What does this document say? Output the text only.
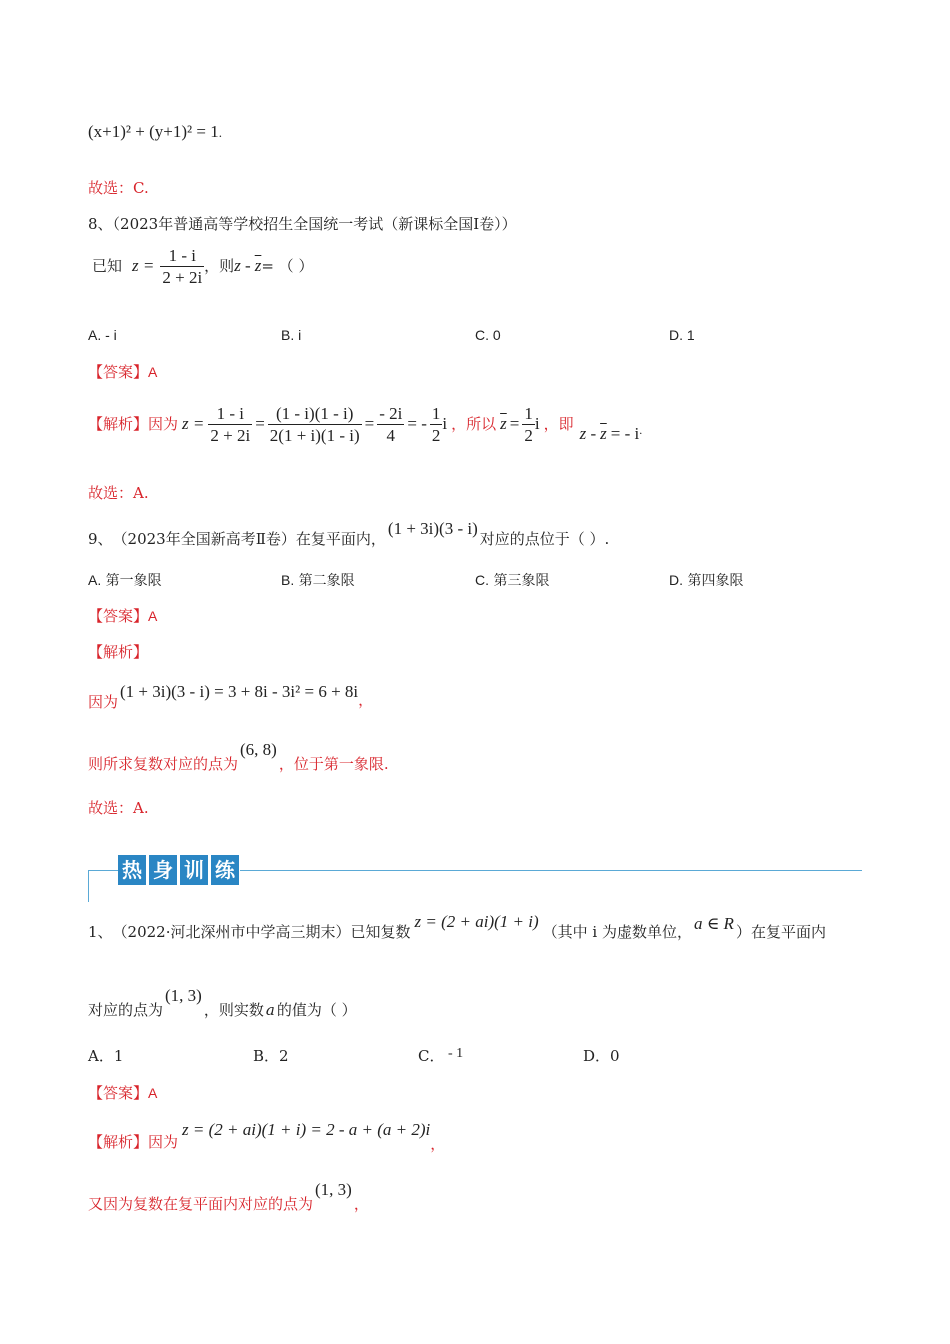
(x+1)² + (y+1)² = 1.
故选：C.
8、（2023年普通高等学校招生全国统一考试（新课标全国Ⅰ卷））
已知 $z = \frac{1 - i}{2 + 2i}$ ，则 z - $\overline{z}$ = （ ）
A. - i	B. i	C. 0	D. 1
【答案】A
【解析】 因为 $z = \frac{1 - i}{2 + 2i} = \frac{(1 - i)(1 - i)}{2(1 + i)(1 - i)} = \frac{- 2i}{4}$ = - $\frac{1}{2}$ i ，所以 $\overline{z} = \frac{1}{2}$ i ，即 z - $\overline{z}$ = - i .
故选：A.
9、 （2023年全国新高考Ⅱ卷）在复平面内，
(1 + 3i)(3 - i)
对应的点位于（ ）.
A. 第一象限	B. 第二象限	C. 第三象限	D. 第四象限
【答案】A
【解析】
因为
(1 + 3i)(3 - i) = 3 + 8i - 3i² = 6 + 8i ，
则所求复数对应的点为
(6, 8)
，位于第一象限.
故选：A.
热 身 训 练
1、 （2022·河北深州市中学高三期末）已知复数
z = (2 + ai)(1 + i)
（其中 i 为虚数单位， a ∈ R ）在复平面内
对应的点为
(1, 3)
，则实数 a 的值为（ ）
A．1	B．2	C． - 1	D．0
【答案】A
【解析】 因为
z = (2 + ai)(1 + i) = 2 - a + (a + 2)i
，
又因为复数在复平面内对应的点为
(1, 3)
，
